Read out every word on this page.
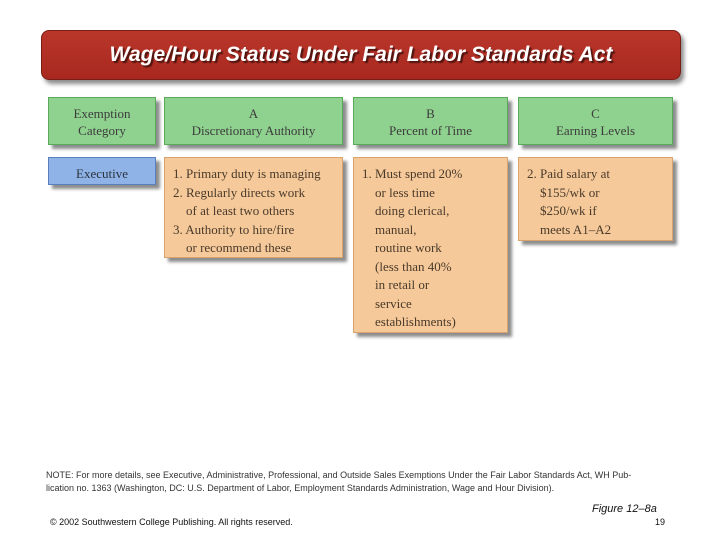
Wage/Hour Status Under Fair Labor Standards Act
Exemption
Category
A
Discretionary Authority
B
Percent of Time
C
Earning Levels
Executive	1. Primary duty is managing
2. Regularly directs work
of at least two others
3. Authority to hire/fire
or recommend these
1. Must spend 20%
or less time
doing clerical,
manual,
routine work
(less than 40%
in retail or
service
establishments)
2. Paid salary at
$155/wk or
$250/wk if
meets A1–A2
NOTE: For more details, see Executive, Administrative, Professional, and Outside Sales Exemptions Under the Fair Labor Standards Act, WH Pub-
lication no. 1363 (Washington, DC: U.S. Department of Labor, Employment Standards Administration, Wage and Hour Division).
Figure 12–8a
© 2002 Southwestern College Publishing. All rights reserved.	19
